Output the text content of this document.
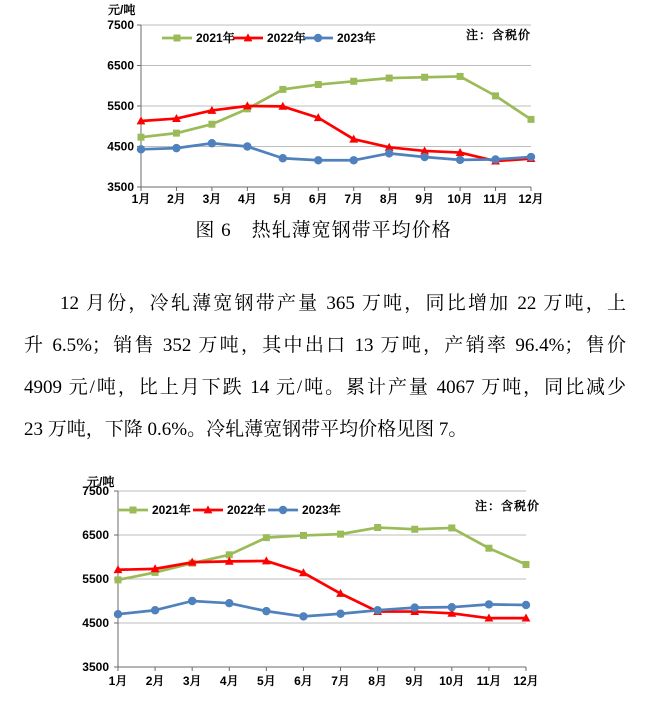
元/吨
注：含税价
7500
6500
5500
4500
3500
1月 2月 3月 4月 5月 6月 7月 8月 9月 10月 11月 12月
2021年	2022年	2023年
图 6　热轧薄宽钢带平均价格
12 月份，冷轧薄宽钢带产量 365 万吨，同比增加 22 万吨，上
升 6.5%；销售 352 万吨，其中出口 13 万吨，产销率 96.4%；售价
4909 元/吨，比上月下跌 14 元/吨。累计产量 4067 万吨，同比减少
23 万吨，下降 0.6%。冷轧薄宽钢带平均价格见图 7。
元/吨
注：含税价
7500
6500
5500
4500
3500
1月 2月 3月 4月 5月 6月 7月 8月 9月 10月 11月 12月
2021年	2022年	2023年
